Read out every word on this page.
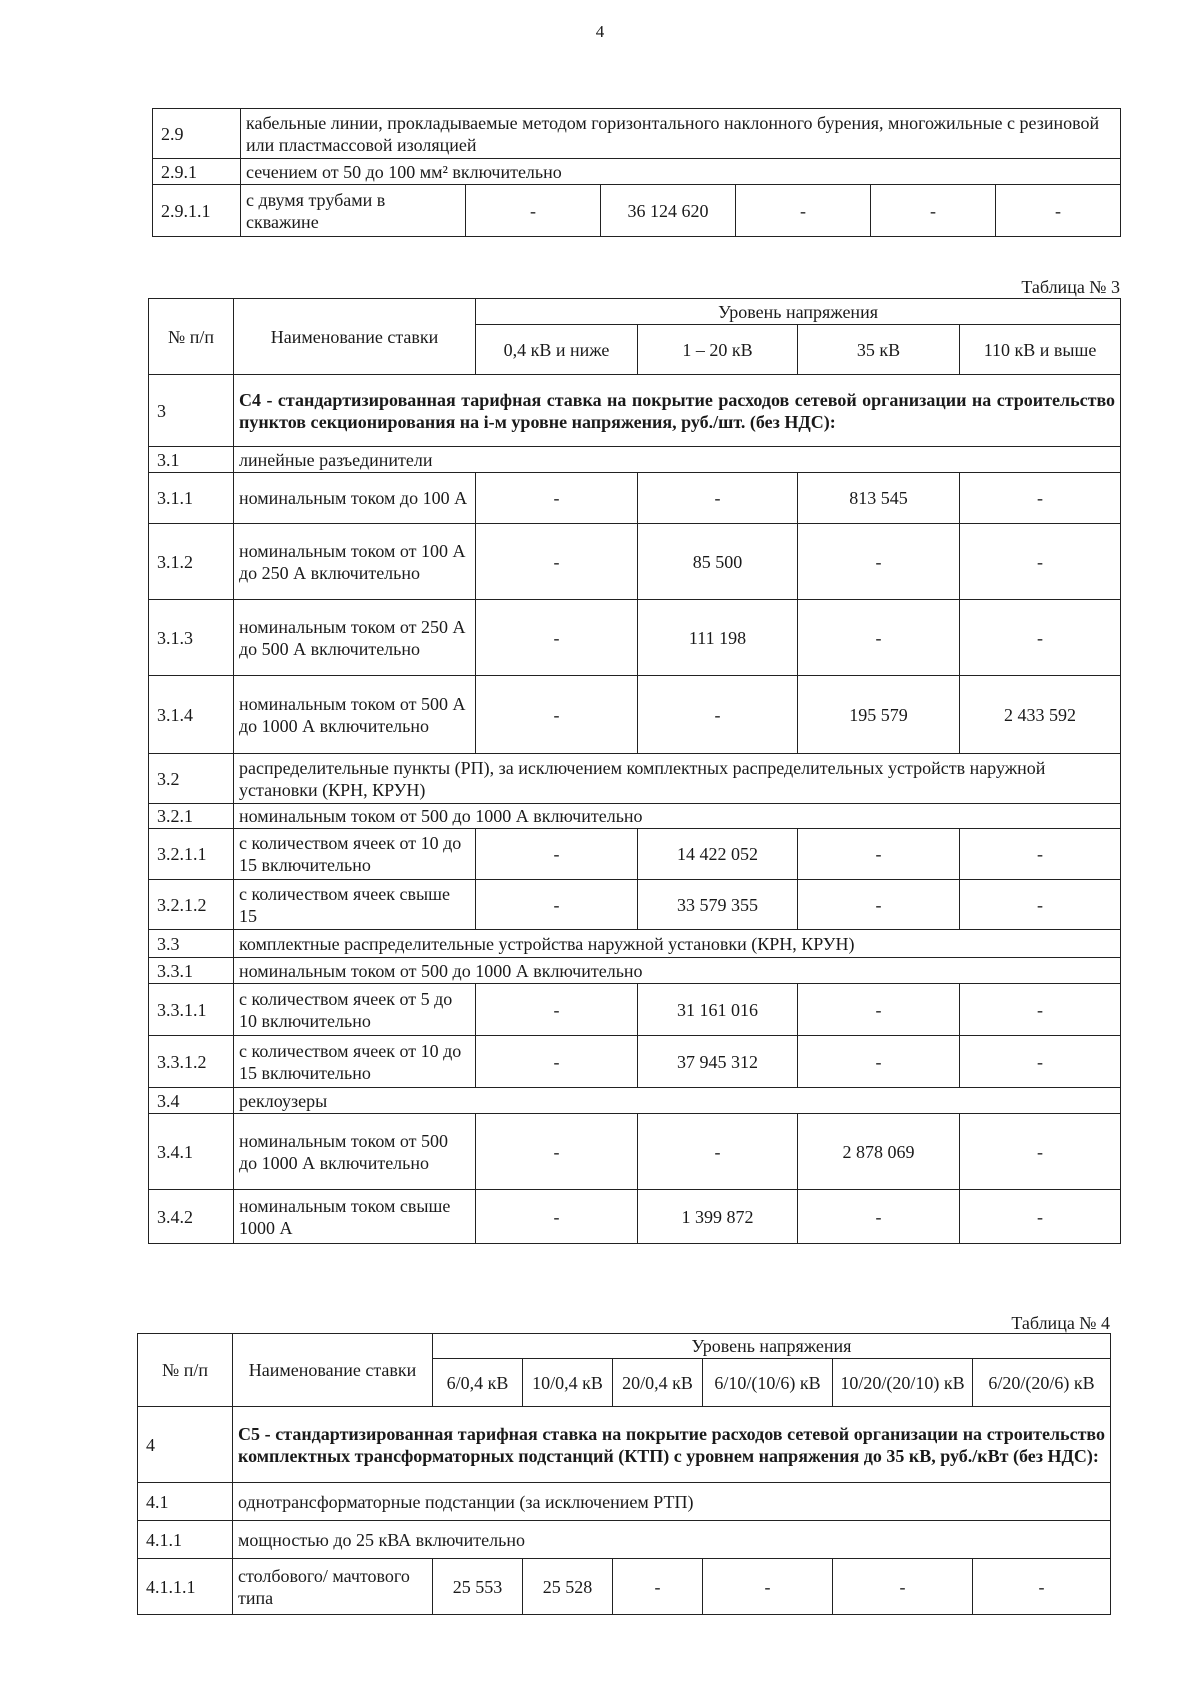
4
2.9	кабельные линии, прокладываемые методом горизонтального наклонного бурения, многожильные с резиновой или пластмассовой изоляцией					
2.9.1	сечением от 50 до 100 мм² включительно					
2.9.1.1	с двумя трубами в скважине	-	36 124 620	-	-	-
Таблица № 3
№ п/п	Наименование ставки	Уровень напряжения			
		0,4 кВ и ниже	1 – 20 кВ	35 кВ	110 кВ и выше
3	С4 - стандартизированная тарифная ставка на покрытие расходов сетевой организации на строительство пунктов секционирования на i-м уровне напряжения, руб./шт. (без НДС):				
3.1	линейные разъединители				
3.1.1	номинальным током до 100 А	-	-	813 545	-
3.1.2	номинальным током от 100 А до 250 А включительно	-	85 500	-	-
3.1.3	номинальным током от 250 А до 500 А включительно	-	111 198	-	-
3.1.4	номинальным током от 500 А до 1000 А включительно	-	-	195 579	2 433 592
3.2	распределительные пункты (РП), за исключением комплектных распределительных устройств наружной установки (КРН, КРУН)				
3.2.1	номинальным током от 500 до 1000 А включительно				
3.2.1.1	с количеством ячеек от 10 до 15 включительно	-	14 422 052	-	-
3.2.1.2	с количеством ячеек свыше 15	-	33 579 355	-	-
3.3	комплектные распределительные устройства наружной установки (КРН, КРУН)				
3.3.1	номинальным током от 500 до 1000 А включительно				
3.3.1.1	с количеством ячеек от 5 до 10 включительно	-	31 161 016	-	-
3.3.1.2	с количеством ячеек от 10 до 15 включительно	-	37 945 312	-	-
3.4	реклоузеры				
3.4.1	номинальным током от 500 до 1000 А включительно	-	-	2 878 069	-
3.4.2	номинальным током свыше 1000 А	-	1 399 872	-	-
Таблица № 4
№ п/п	Наименование ставки	Уровень напряжения					
		6/0,4 кВ	10/0,4 кВ	20/0,4 кВ	6/10/(10/6) кВ	10/20/(20/10) кВ	6/20/(20/6) кВ
4	С5 - стандартизированная тарифная ставка на покрытие расходов сетевой организации на строительство комплектных трансформаторных подстанций (КТП) с уровнем напряжения до 35 кВ, руб./кВт (без НДС):						
4.1	однотрансформаторные подстанции (за исключением РТП)						
4.1.1	мощностью до 25 кВА включительно						
4.1.1.1	столбового/ мачтового типа	25 553	25 528	-	-	-	-
